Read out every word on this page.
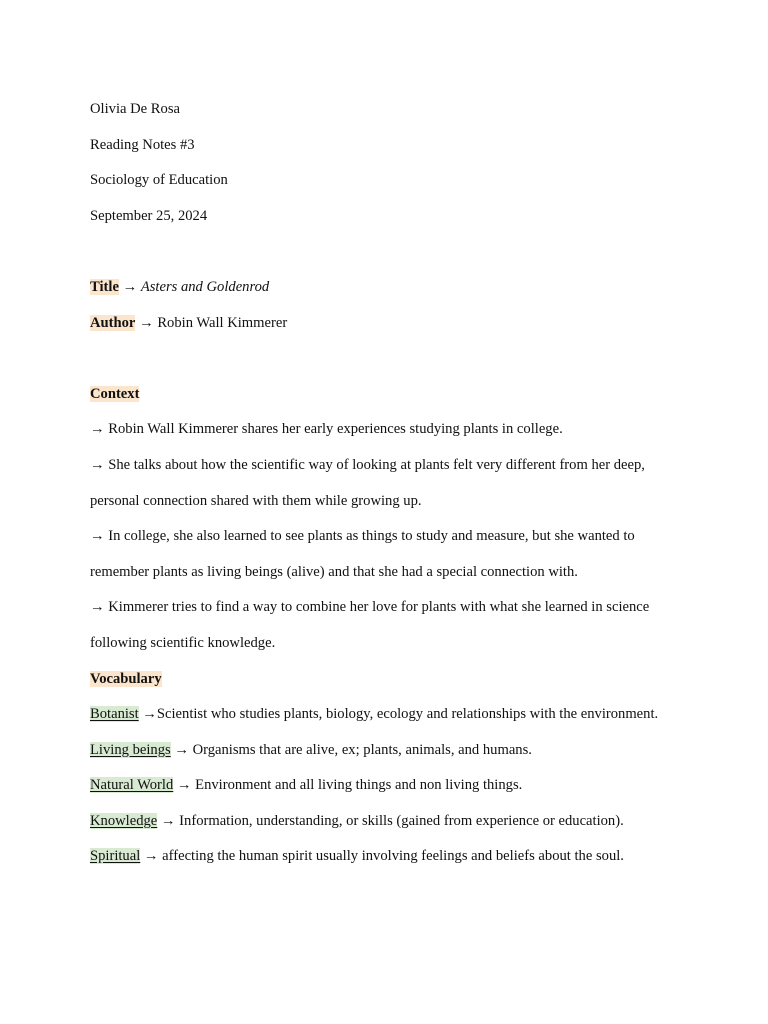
Olivia De Rosa
Reading Notes #3
Sociology of Education
September 25, 2024
Title → Asters and Goldenrod
Author → Robin Wall Kimmerer
Context
→ Robin Wall Kimmerer shares her early experiences studying plants in college.
→ She talks about how the scientific way of looking at plants felt very different from her deep,
personal connection shared with them while growing up.
→ In college, she also learned to see plants as things to study and measure, but she wanted to
remember plants as living beings (alive) and that she had a special connection with.
→ Kimmerer tries to find a way to combine her love for plants with what she learned in science
following scientific knowledge.
Vocabulary
Botanist →Scientist who studies plants, biology, ecology and relationships with the environment.
Living beings → Organisms that are alive, ex; plants, animals, and humans.
Natural World → Environment and all living things and non living things.
Knowledge → Information, understanding, or skills (gained from experience or education).
Spiritual → affecting the human spirit usually involving feelings and beliefs about the soul.
